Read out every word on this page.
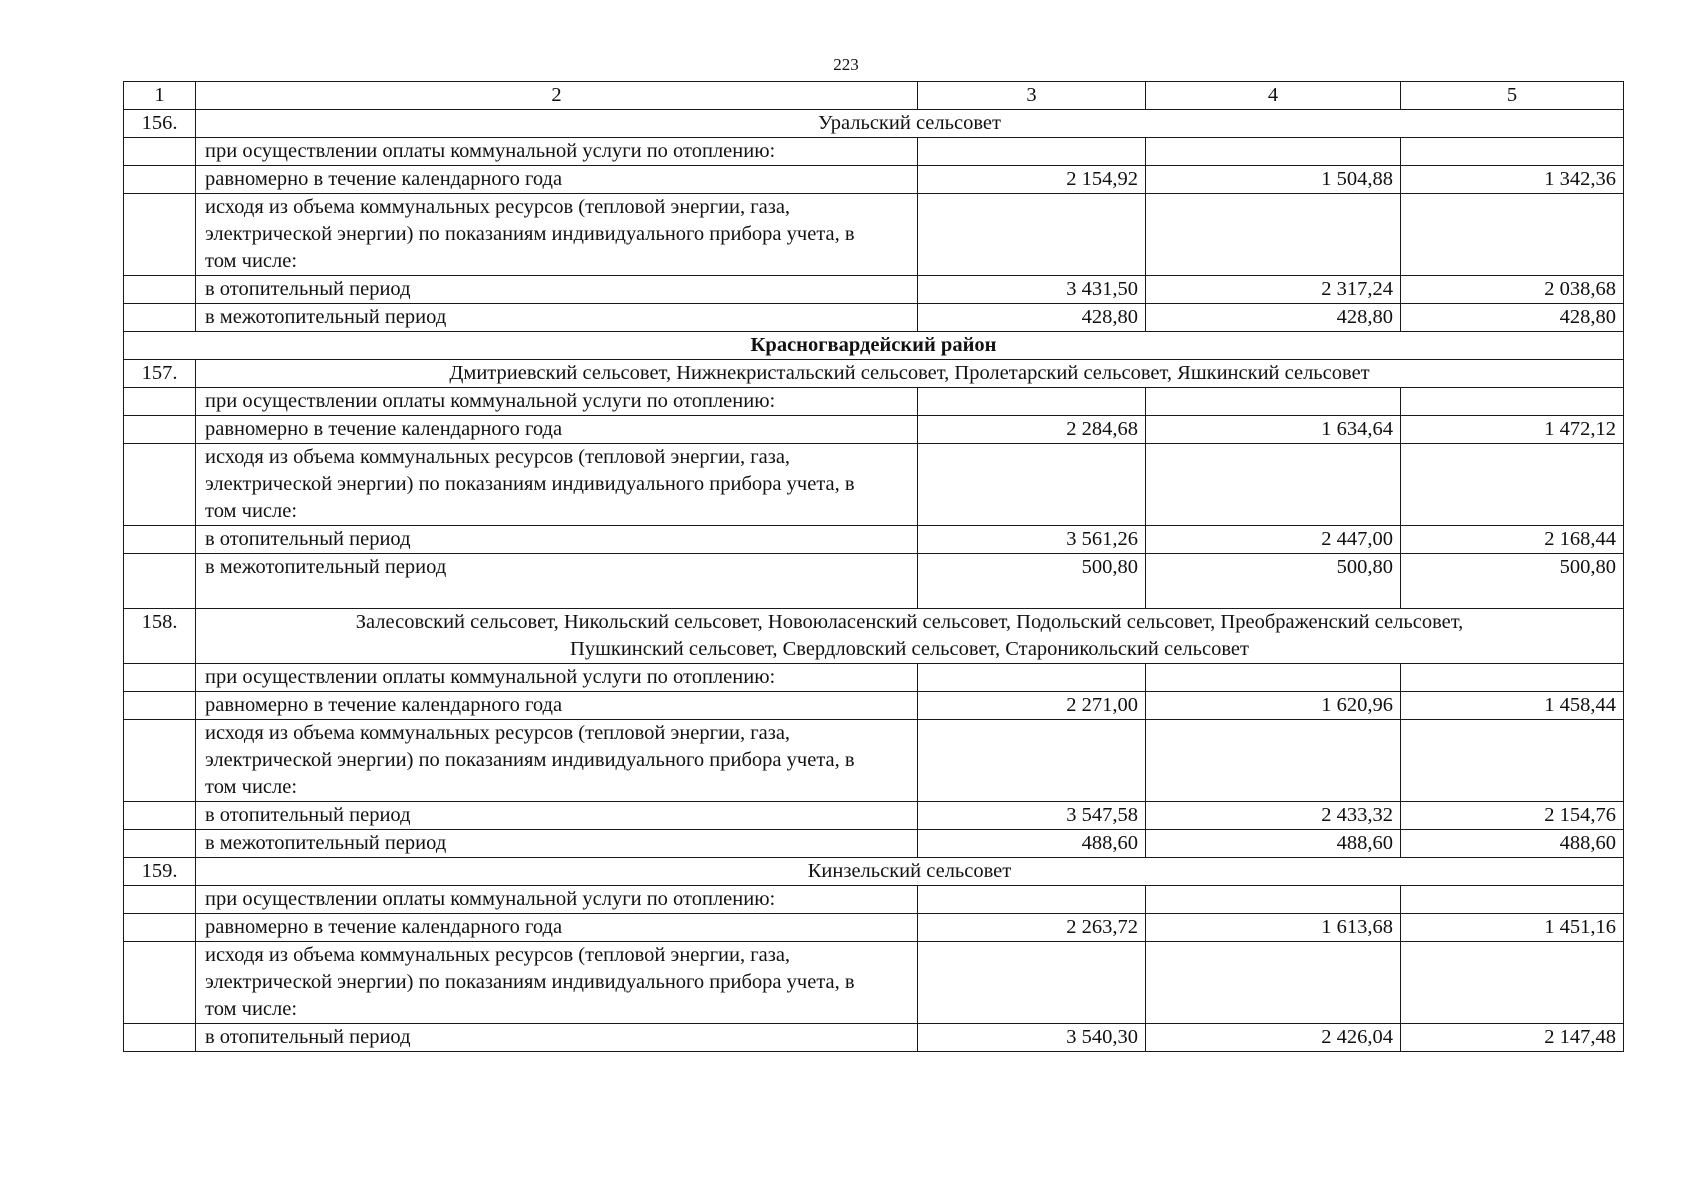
223
1	2	3	4	5
156.	Уральский сельсовет			
	при осуществлении оплаты коммунальной услуги по отоплению:			
	равномерно в течение календарного года	2 154,92	1 504,88	1 342,36
	исходя из объема коммунальных ресурсов (тепловой энергии, газа, электрической энергии) по показаниям индивидуального прибора учета, в том числе:			
	в отопительный период	3 431,50	2 317,24	2 038,68
	в межотопительный период	428,80	428,80	428,80
Красногвардейский район				
157.	Дмитриевский сельсовет, Нижнекристальский сельсовет, Пролетарский сельсовет, Яшкинский сельсовет			
	при осуществлении оплаты коммунальной услуги по отоплению:			
	равномерно в течение календарного года	2 284,68	1 634,64	1 472,12
	исходя из объема коммунальных ресурсов (тепловой энергии, газа, электрической энергии) по показаниям индивидуального прибора учета, в том числе:			
	в отопительный период	3 561,26	2 447,00	2 168,44
	в межотопительный период	500,80	500,80	500,80
158.	Залесовский сельсовет, Никольский сельсовет, Новоюласенский сельсовет, Подольский сельсовет, Преображенский сельсовет, Пушкинский сельсовет, Свердловский сельсовет, Староникольский сельсовет			
	при осуществлении оплаты коммунальной услуги по отоплению:			
	равномерно в течение календарного года	2 271,00	1 620,96	1 458,44
	исходя из объема коммунальных ресурсов (тепловой энергии, газа, электрической энергии) по показаниям индивидуального прибора учета, в том числе:			
	в отопительный период	3 547,58	2 433,32	2 154,76
	в межотопительный период	488,60	488,60	488,60
159.	Кинзельский сельсовет			
	при осуществлении оплаты коммунальной услуги по отоплению:			
	равномерно в течение календарного года	2 263,72	1 613,68	1 451,16
	исходя из объема коммунальных ресурсов (тепловой энергии, газа, электрической энергии) по показаниям индивидуального прибора учета, в том числе:			
	в отопительный период	3 540,30	2 426,04	2 147,48
